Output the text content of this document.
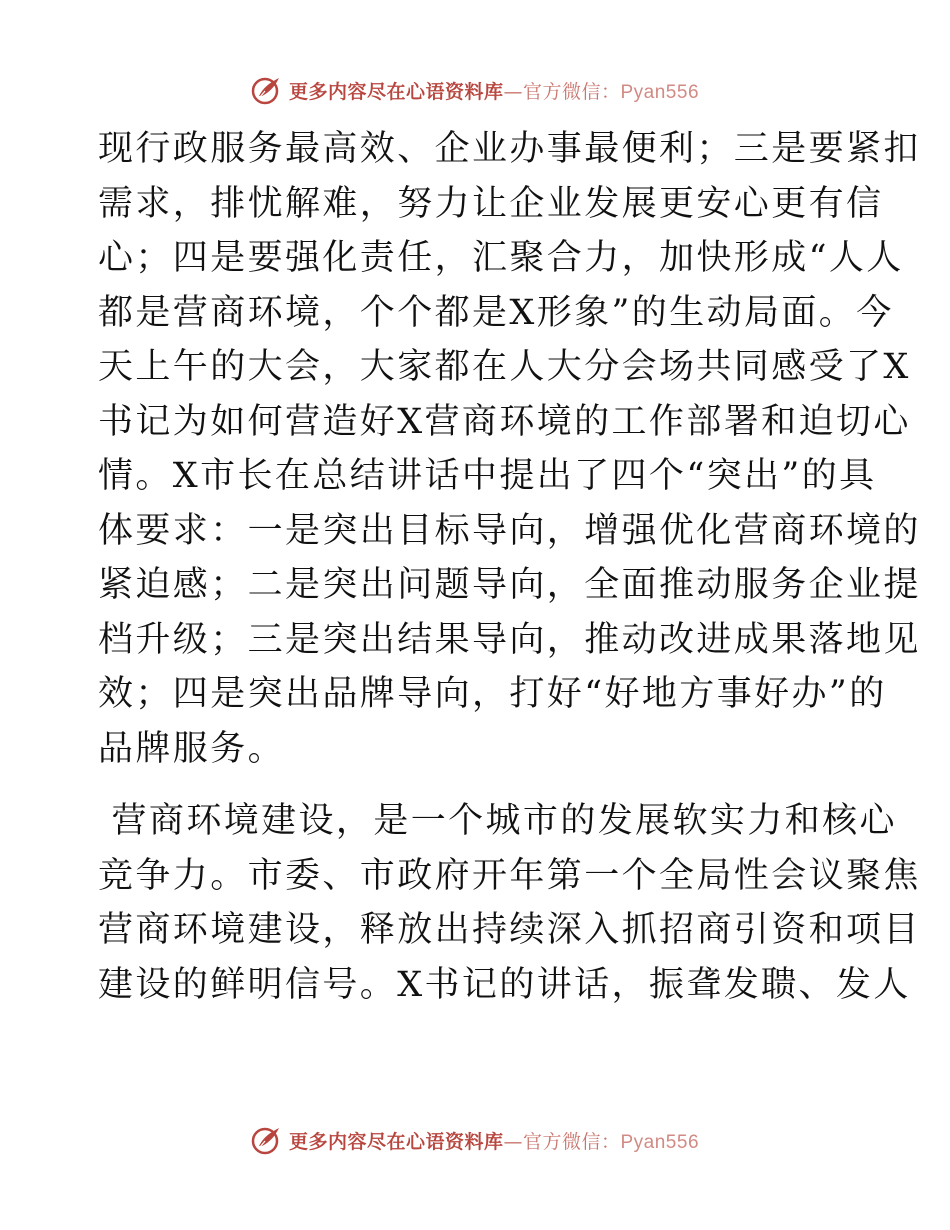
更多内容尽在心语资料库—官方微信：Pyan556
现行政服务最高效、企业办事最便利；三是要紧扣
需求，排忧解难，努力让企业发展更安心更有信
心；四是要强化责任，汇聚合力，加快形成“人人
都是营商环境，个个都是X形象”的生动局面。今
天上午的大会，大家都在人大分会场共同感受了X
书记为如何营造好X营商环境的工作部署和迫切心
情。X市长在总结讲话中提出了四个“突出”的具
体要求：一是突出目标导向，增强优化营商环境的
紧迫感；二是突出问题导向，全面推动服务企业提
档升级；三是突出结果导向，推动改进成果落地见
效；四是突出品牌导向，打好“好地方事好办”的
品牌服务。
营商环境建设，是一个城市的发展软实力和核心
竞争力。市委、市政府开年第一个全局性会议聚焦
营商环境建设，释放出持续深入抓招商引资和项目
建设的鲜明信号。X书记的讲话，振聋发聩、发人
更多内容尽在心语资料库—官方微信：Pyan556
